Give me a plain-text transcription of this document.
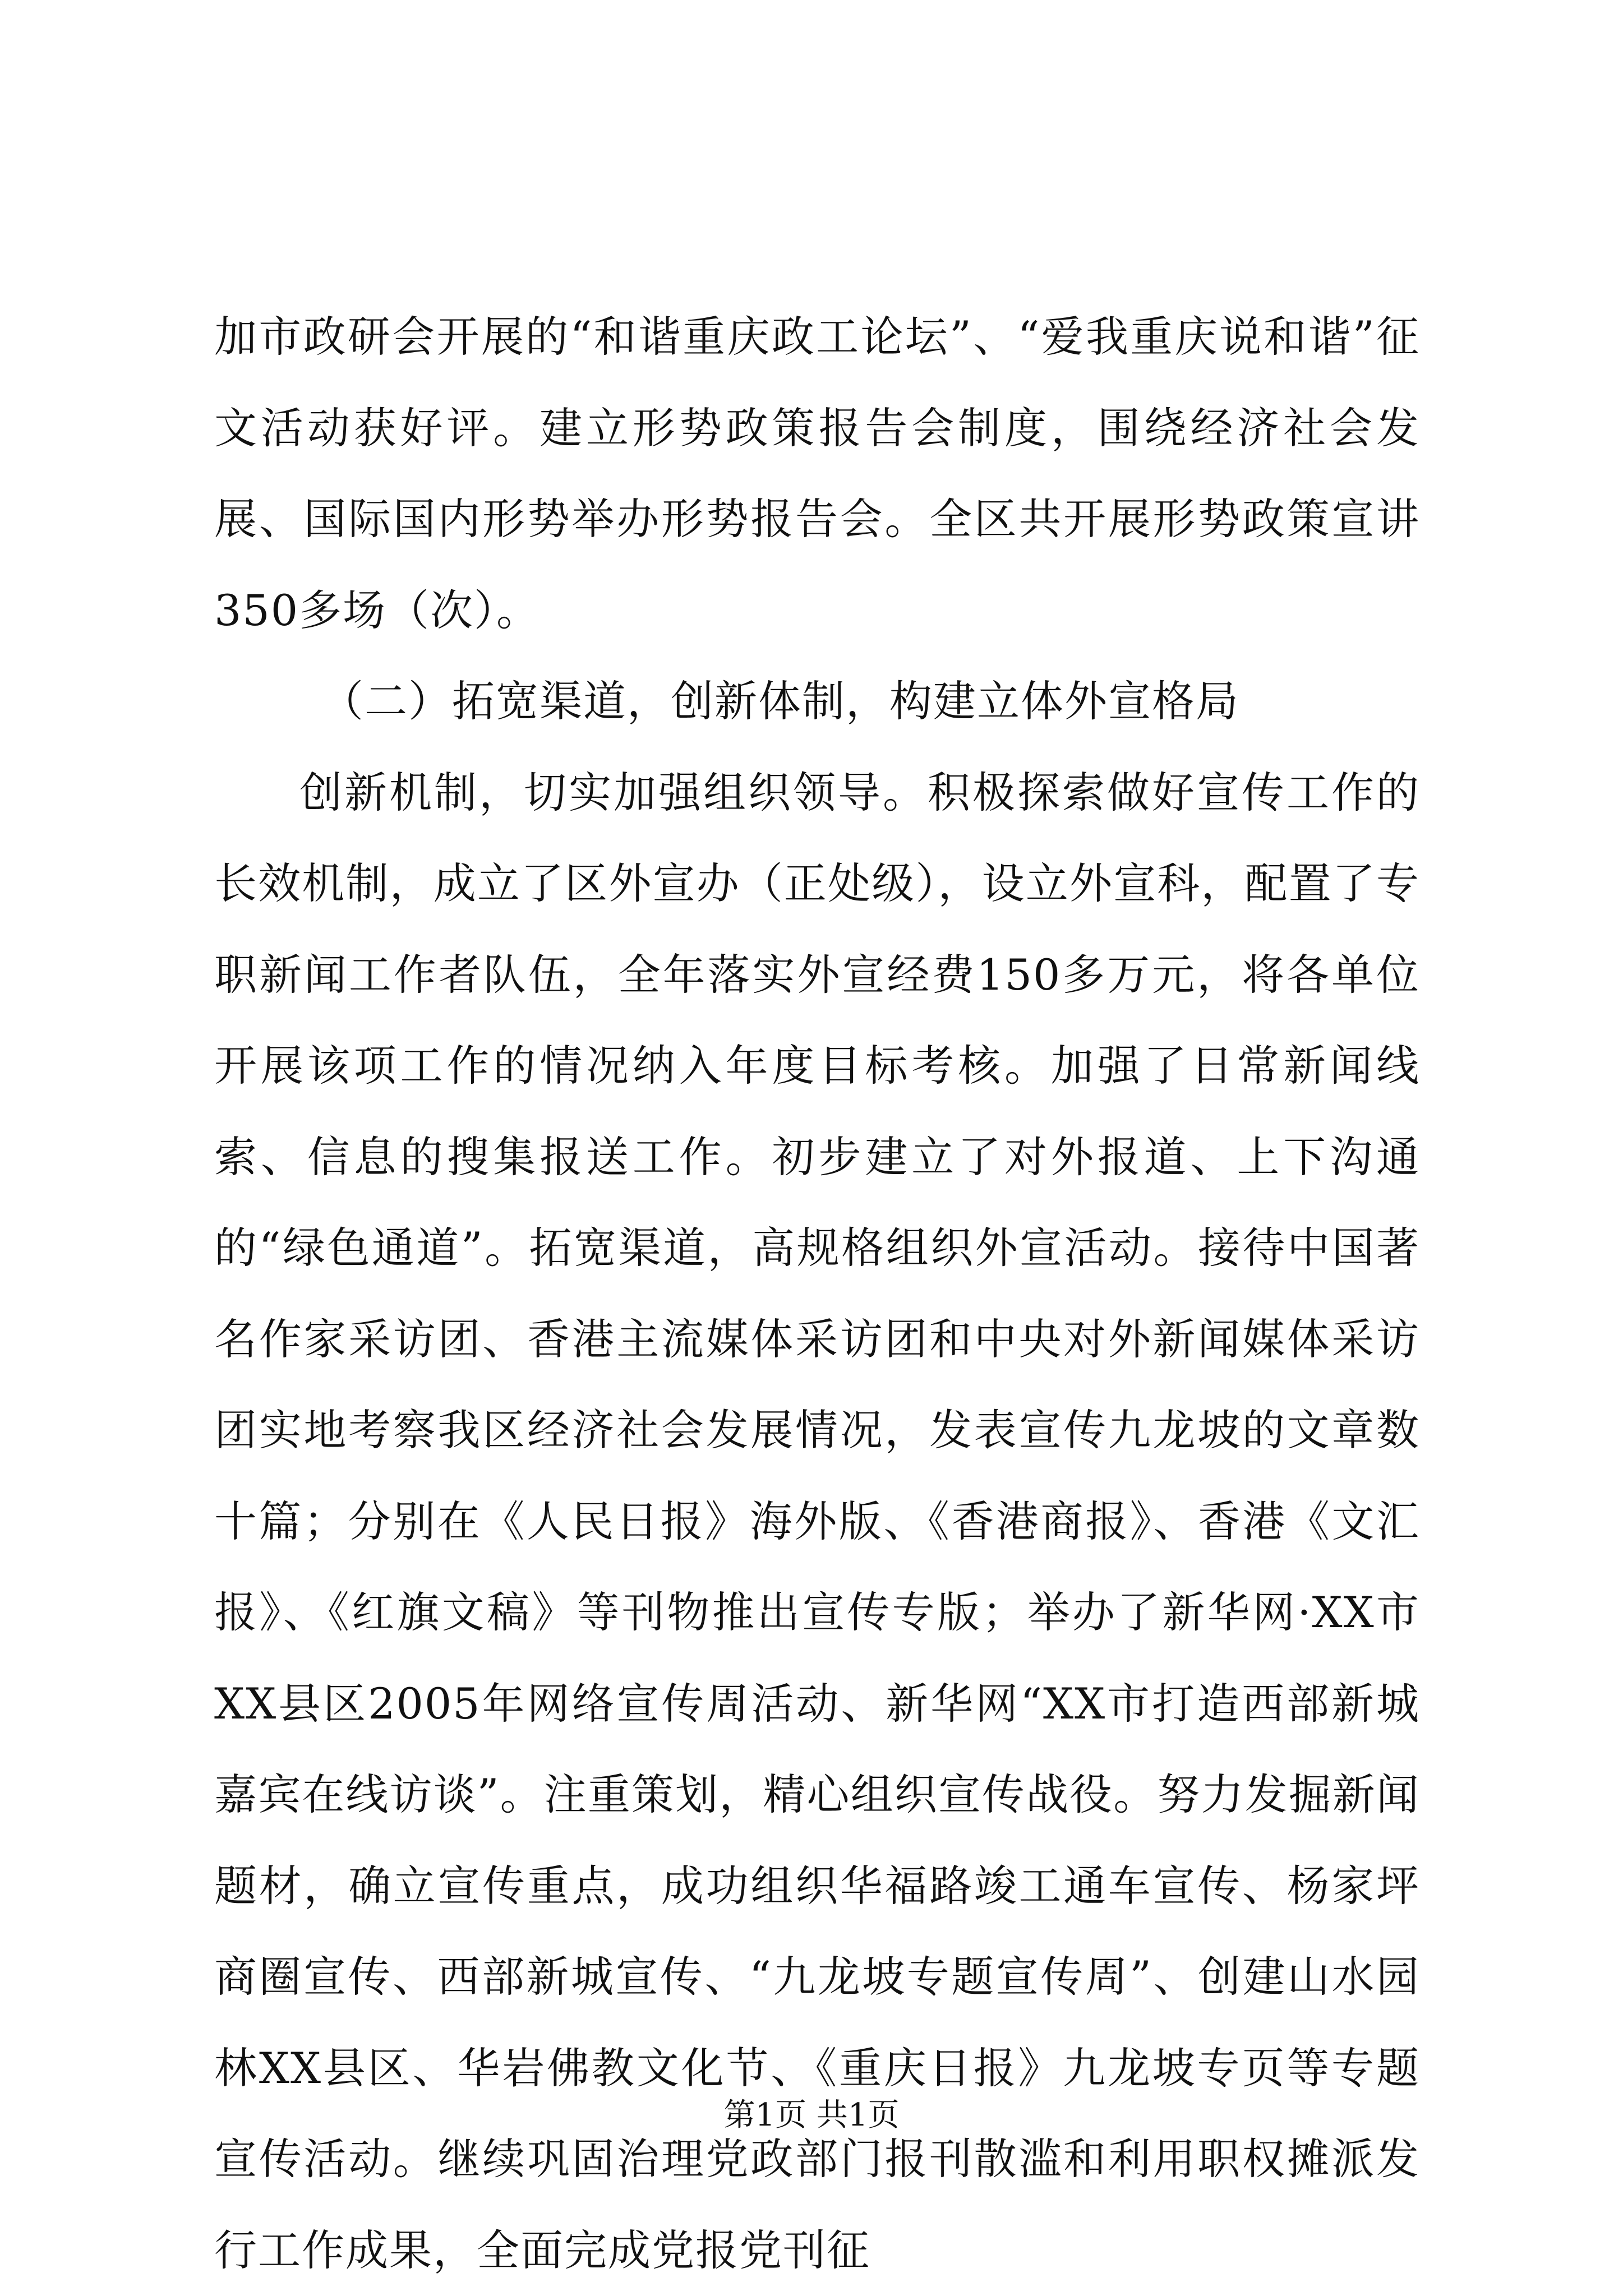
加市政研会开展的“和谐重庆政工论坛”、“爱我重庆说和谐”征文活动获好评。建立形势政策报告会制度，围绕经济社会发展、国际国内形势举办形势报告会。全区共开展形势政策宣讲350多场（次）。

（二）拓宽渠道，创新体制，构建立体外宣格局

创新机制，切实加强组织领导。积极探索做好宣传工作的长效机制，成立了区外宣办（正处级），设立外宣科，配置了专职新闻工作者队伍，全年落实外宣经费150多万元，将各单位开展该项工作的情况纳入年度目标考核。加强了日常新闻线索、信息的搜集报送工作。初步建立了对外报道、上下沟通的“绿色通道”。拓宽渠道，高规格组织外宣活动。接待中国著名作家采访团、香港主流媒体采访团和中央对外新闻媒体采访团实地考察我区经济社会发展情况，发表宣传九龙坡的文章数十篇；分别在《人民日报》海外版、《香港商报》、香港《文汇报》、《红旗文稿》等刊物推出宣传专版；举办了新华网·XX市XX县区2005年网络宣传周活动、新华网“XX市打造西部新城嘉宾在线访谈”。注重策划，精心组织宣传战役。努力发掘新闻题材，确立宣传重点，成功组织华福路竣工通车宣传、杨家坪商圈宣传、西部新城宣传、“九龙坡专题宣传周”、创建山水园林XX县区、华岩佛教文化节、《重庆日报》九龙坡专页等专题宣传活动。继续巩固治理党政部门报刊散滥和利用职权摊派发行工作成果，全面完成党报党刊征

第1页 共1页
